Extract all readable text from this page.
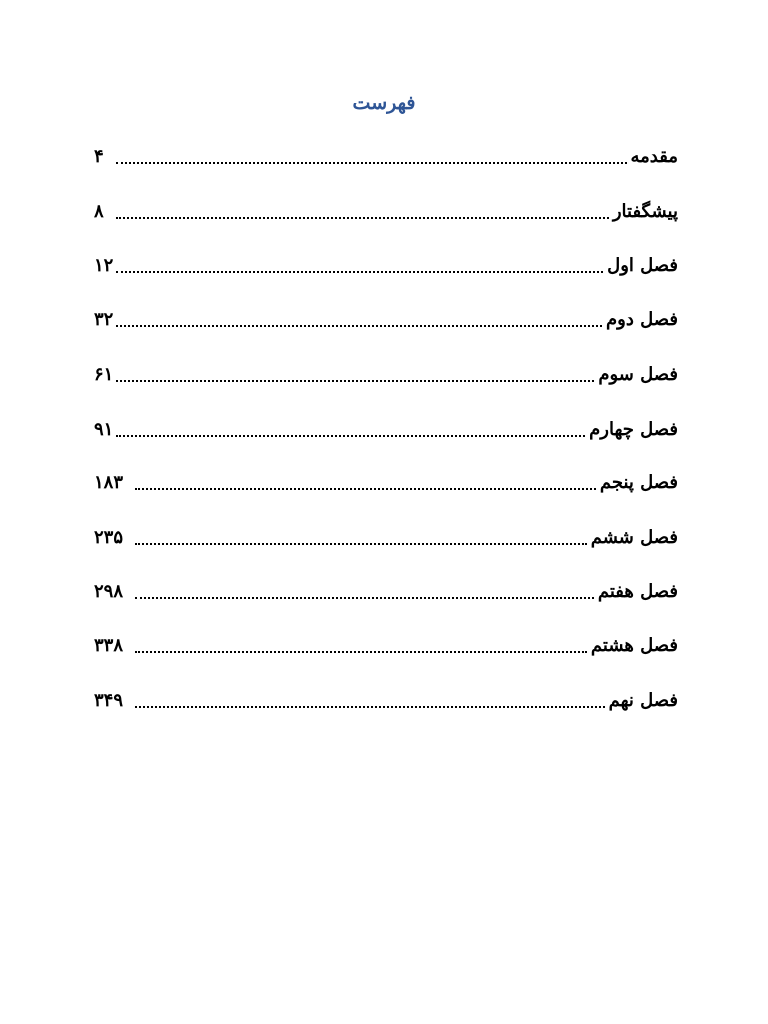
فهرست
مقدمه
۴
پیشگفتار
۸
فصل اول
۱۲
فصل دوم
۳۲
فصل سوم
۶۱
فصل چهارم
۹۱
فصل پنجم
۱۸۳
فصل ششم
۲۳۵
فصل هفتم
۲۹۸
فصل هشتم
۳۳۸
فصل نهم
۳۴۹
